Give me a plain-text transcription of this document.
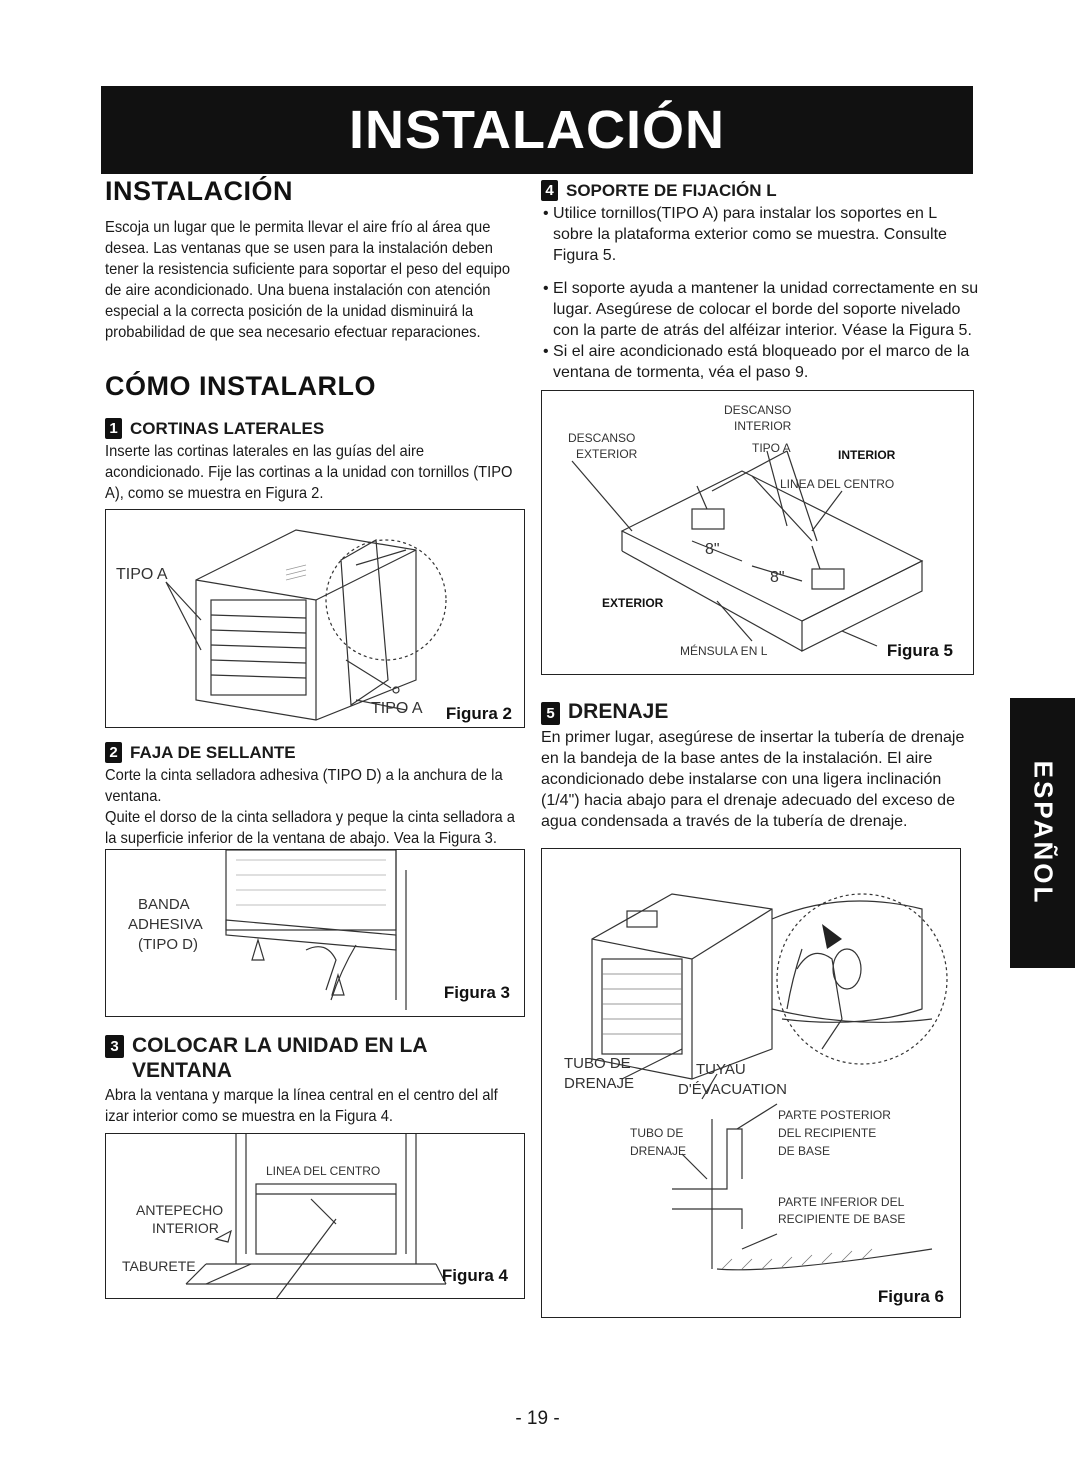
INSTALACIÓN
INSTALACIÓN

Escoja un lugar que le permita llevar el aire frío al área que desea. Las ventanas que se usen para la instalación deben tener la resistencia suficiente para soportar el peso del equipo de aire acondicionado. Una buena instalación con atención especial a la correcta posición de la unidad disminuirá la probabilidad de que sea necesario efectuar reparaciones.

CÓMO INSTALARLO
1 CORTINAS LATERALES

Inserte las cortinas laterales en las guías del aire acondicionado. Fije las cortinas a la unidad con tornillos (TIPO A), como se muestra en Figura 2.

TIPO A
TIPO A Figura 2
2 FAJA DE SELLANTE

Corte la cinta selladora adhesiva (TIPO D) a la anchura de la ventana.

Quite el dorso de la cinta selladora y peque la cinta selladora a la superficie inferior de la ventana de abajo. Vea la Figura 3.

BANDA
ADHESIVA
(TIPO D)
Figura 3
3 COLOCAR LA UNIDAD EN LA
VENTANA

Abra la ventana y marque la línea central en el centro del alf izar interior como se muestra en la Figura 4.

LINEA DEL CENTRO
ANTEPECHO
INTERIOR
TABURETE	Figura 4
4 SOPORTE DE FIJACIÓN L

• Utilice tornillos(TIPO A) para instalar los soportes en L sobre la plataforma exterior como se muestra. Consulte Figura 5.

• El soporte ayuda a mantener la unidad correctamente en su lugar. Asegúrese de colocar el borde del soporte nivelado con la parte de atrás del alféizar interior. Véase la Figura 5.

• Si el aire acondicionado está bloqueado por el marco de la ventana de tormenta, véa el paso 9.

DESCANSO
INTERIOR
DESCANSO
EXTERIOR	TIPO A	INTERIOR
LINEA DEL CENTRO
8"
8"
EXTERIOR
MÉNSULA EN L	Figura 5
5 DRENAJE

En primer lugar, asegúrese de insertar la tubería de drenaje en la bandeja de la base antes de la instalación. El aire acondicionado debe instalarse con una ligera inclinación (1/4") hacia abajo para el drenaje adecuado del exceso de agua condensada a través de la tubería de drenaje.

TUBO DE
DRENAJE
TUYAU
D'ÉVACUATION
TUBO DE
DRENAJE
PARTE POSTERIOR
DEL RECIPIENTE
DE BASE
PARTE INFERIOR DEL
RECIPIENTE DE BASE
Figura 6
ESPAÑOL
- 19 -
